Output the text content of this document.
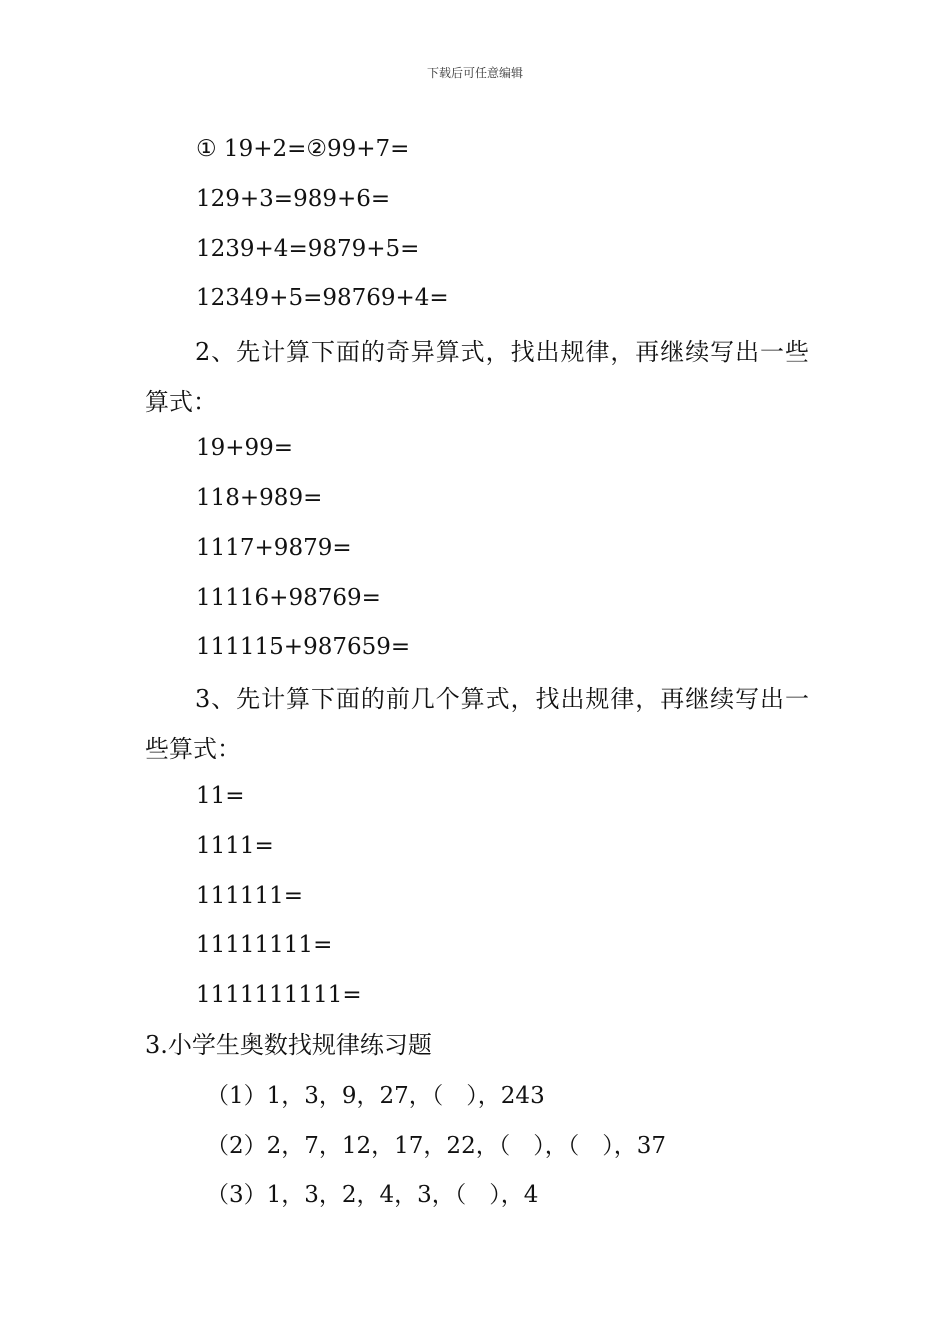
下载后可任意编辑
① 19+2=②99+7=
129+3=989+6=
1239+4=9879+5=
12349+5=98769+4=
2、先计算下面的奇异算式，找出规律，再继续写出一些算式：
19+99=
118+989=
1117+9879=
11116+98769=
111115+987659=
3、先计算下面的前几个算式，找出规律，再继续写出一些算式：
11=
1111=
111111=
11111111=
1111111111=
3.小学生奥数找规律练习题
（1）1，3，9，27，（　），243
（2）2，7，12，17，22，（　），（　），37
（3）1，3，2，4，3，（　），4
